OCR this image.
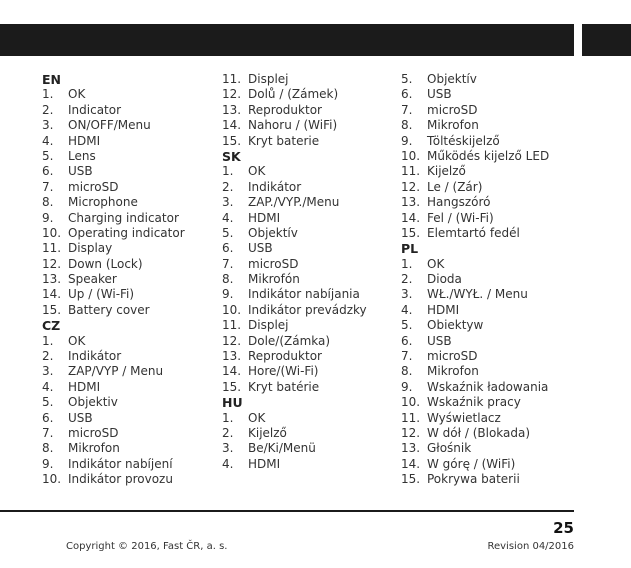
EN
1. OK
2. Indicator
3. ON/OFF/Menu
4. HDMI
5. Lens
6. USB
7. microSD
8. Microphone
9. Charging indicator
10. Operating indicator
11. Display
12. Down (Lock)
13. Speaker
14. Up / (Wi-Fi)
15. Battery cover
CZ
1. OK
2. Indikátor
3. ZAP/VYP / Menu
4. HDMI
5. Objektiv
6. USB
7. microSD
8. Mikrofon
9. Indikátor nabíjení
10. Indikátor provozu
11. Displej
12. Dolů / (Zámek)
13. Reproduktor
14. Nahoru / (WiFi)
15. Kryt baterie
SK
1. OK
2. Indikátor
3. ZAP./VYP./Menu
4. HDMI
5. Objektív
6. USB
7. microSD
8. Mikrofón
9. Indikátor nabíjania
10. Indikátor prevádzky
11. Displej
12. Dole/(Zámka)
13. Reproduktor
14. Hore/(Wi-Fi)
15. Kryt batérie
HU
1. OK
2. Kijelző
3. Be/Ki/Menü
4. HDMI
5. Objektív
6. USB
7. microSD
8. Mikrofon
9. Töltéskijelző
10. Működés kijelző LED
11. Kijelző
12. Le / (Zár)
13. Hangszóró
14. Fel / (Wi-Fi)
15. Elemtartó fedél
PL
1. OK
2. Dioda
3. WŁ./WYŁ. / Menu
4. HDMI
5. Obiektyw
6. USB
7. microSD
8. Mikrofon
9. Wskaźnik ładowania
10. Wskaźnik pracy
11. Wyświetlacz
12. W dół / (Blokada)
13. Głośnik
14. W górę / (WiFi)
15. Pokrywa baterii
25
Copyright © 2016, Fast ČR, a. s.	Revision 04/2016
